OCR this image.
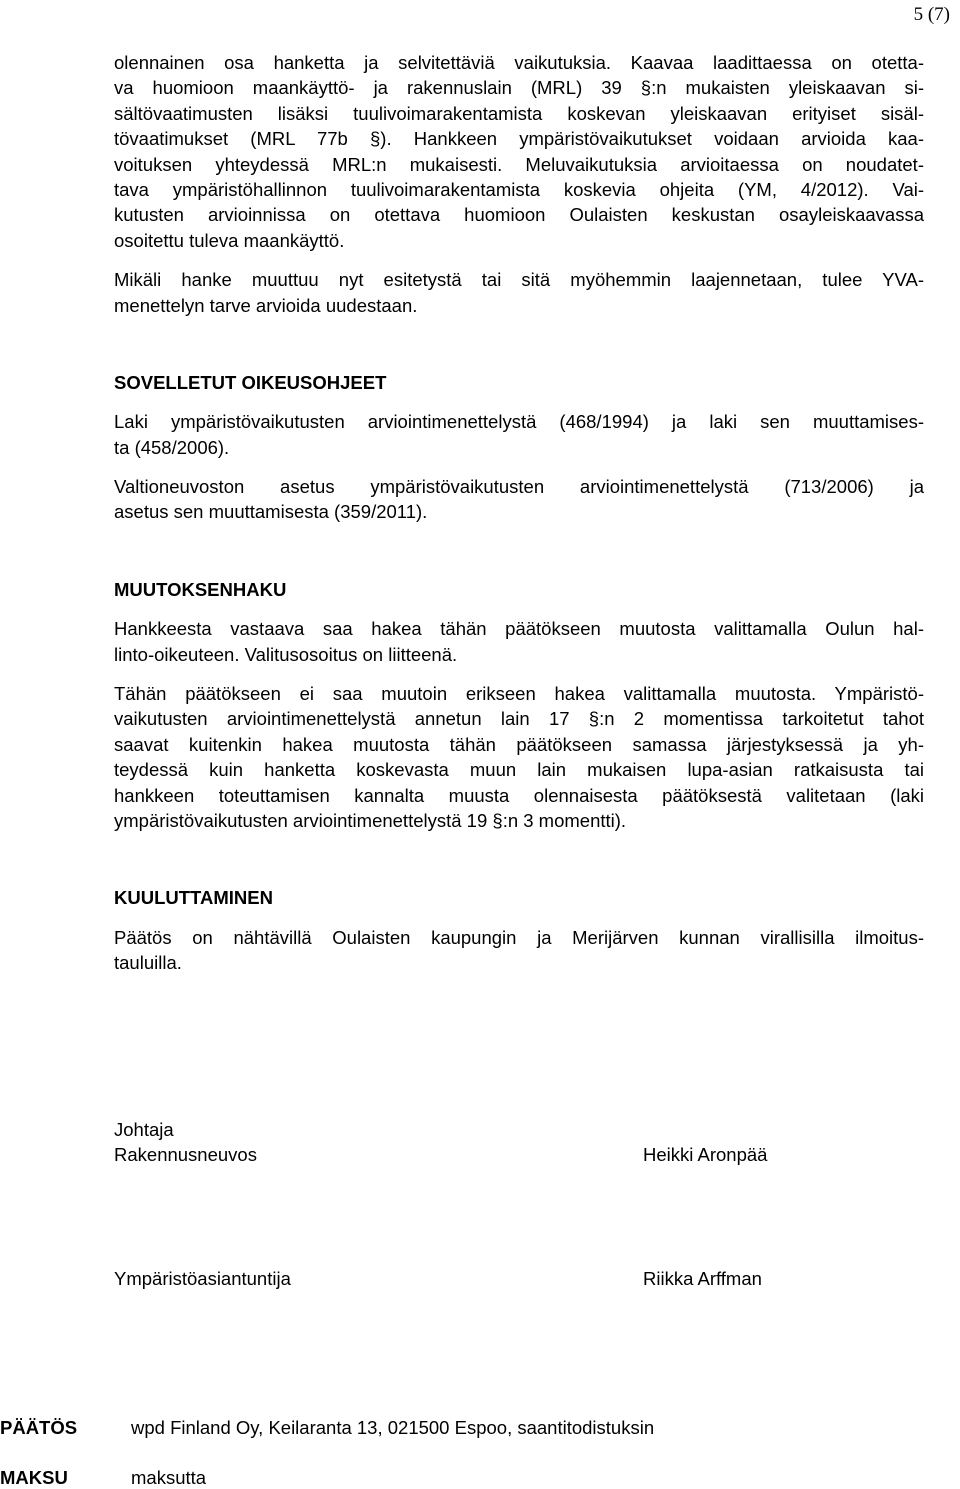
5 (7)
olennainen osa hanketta ja selvitettäviä vaikutuksia. Kaavaa laadittaessa on otetta-
va huomioon maankäyttö- ja rakennuslain (MRL) 39 §:n mukaisten yleiskaavan si-
sältövaatimusten lisäksi tuulivoimarakentamista koskevan yleiskaavan erityiset sisäl-
tövaatimukset (MRL 77b §). Hankkeen ympäristövaikutukset voidaan arvioida kaa-
voituksen yhteydessä MRL:n mukaisesti. Meluvaikutuksia arvioitaessa on noudatet-
tava ympäristöhallinnon tuulivoimarakentamista koskevia ohjeita (YM, 4/2012). Vai-
kutusten arvioinnissa on otettava huomioon Oulaisten keskustan osayleiskaavassa
osoitettu tuleva maankäyttö.
Mikäli hanke muuttuu nyt esitetystä tai sitä myöhemmin laajennetaan, tulee YVA-
menettelyn tarve arvioida uudestaan.
SOVELLETUT OIKEUSOHJEET
Laki ympäristövaikutusten arviointimenettelystä (468/1994) ja laki sen muuttamises-
ta (458/2006).
Valtioneuvoston asetus ympäristövaikutusten arviointimenettelystä (713/2006) ja
asetus sen muuttamisesta (359/2011).
MUUTOKSENHAKU
Hankkeesta vastaava saa hakea tähän päätökseen muutosta valittamalla Oulun hal-
linto-oikeuteen. Valitusosoitus on liitteenä.
Tähän päätökseen ei saa muutoin erikseen hakea valittamalla muutosta. Ympäristö-
vaikutusten arviointimenettelystä annetun lain 17 §:n 2 momentissa tarkoitetut tahot
saavat kuitenkin hakea muutosta tähän päätökseen samassa järjestyksessä ja yh-
teydessä kuin hanketta koskevasta muun lain mukaisen lupa-asian ratkaisusta tai
hankkeen toteuttamisen kannalta muusta olennaisesta päätöksestä valitetaan (laki
ympäristövaikutusten arviointimenettelystä 19 §:n 3 momentti).
KUULUTTAMINEN
Päätös on nähtävillä Oulaisten kaupungin ja Merijärven kunnan virallisilla ilmoitus-
tauluilla.
Johtaja
Rakennusneuvos	Heikki Aronpää
Ympäristöasiantuntija	Riikka Arffman
PÄÄTÖS	wpd Finland Oy, Keilaranta 13, 021500 Espoo, saantitodistuksin
MAKSU	maksutta
